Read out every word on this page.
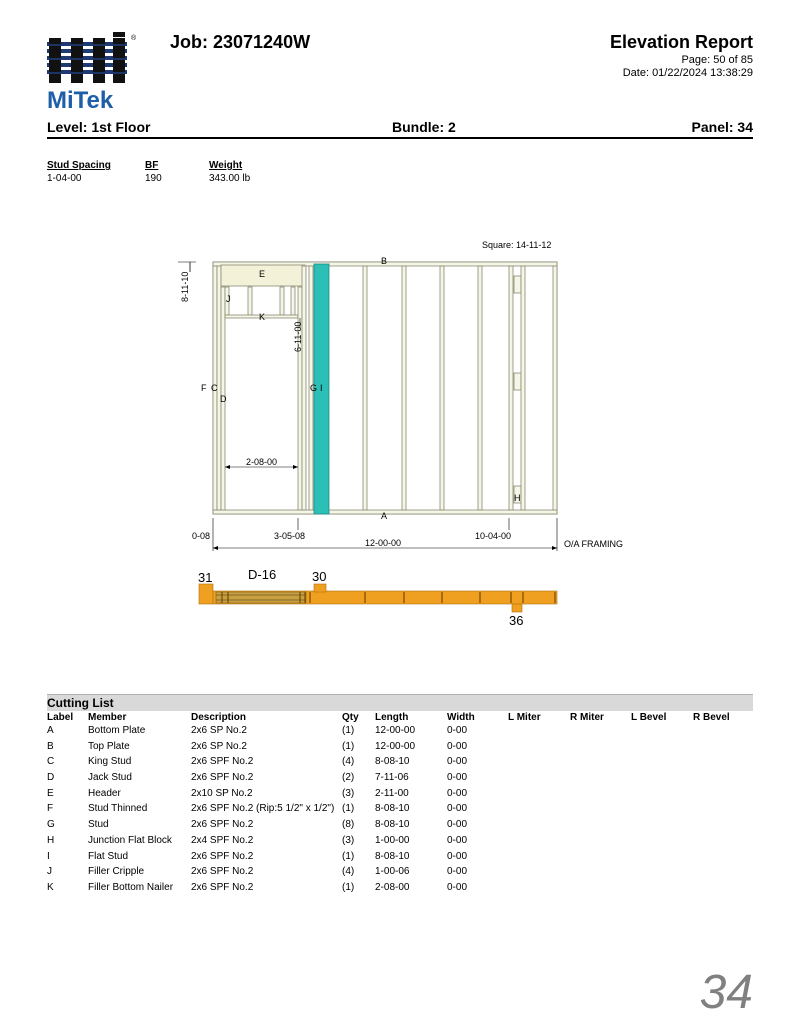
®
MiTek
Job: 23071240W	Elevation Report
Page: 50 of 85
Date: 01/22/2024 13:38:29
Level: 1st Floor	Bundle: 2	Panel: 34
Stud Spacing	BF	Weight
1-04-00	190	343.00 lb
B
A
E
J
K
F C
D
G I
H
Square: 14-11-12
8-11-10
6-11-00
2-08-00
0-08	3-05-08	10-04-00
12-00-00	O/A FRAMING
31	D-16	30
36
Cutting List
Label	Member	Description	Qty	Length	Width	L Miter	R Miter	L Bevel	R Bevel
A	Bottom Plate	2x6 SP No.2	(1)	12-00-00	0-00				
B	Top Plate	2x6 SP No.2	(1)	12-00-00	0-00				
C	King Stud	2x6 SPF No.2	(4)	8-08-10	0-00				
D	Jack Stud	2x6 SPF No.2	(2)	7-11-06	0-00				
E	Header	2x10 SP No.2	(3)	2-11-00	0-00				
F	Stud Thinned	2x6 SPF No.2 (Rip:5 1/2" x 1/2")	(1)	8-08-10	0-00				
G	Stud	2x6 SPF No.2	(8)	8-08-10	0-00				
H	Junction Flat Block	2x4 SPF No.2	(3)	1-00-00	0-00				
I	Flat Stud	2x6 SPF No.2	(1)	8-08-10	0-00				
J	Filler Cripple	2x6 SPF No.2	(4)	1-00-06	0-00				
K	Filler Bottom Nailer	2x6 SPF No.2	(1)	2-08-00	0-00				
34
